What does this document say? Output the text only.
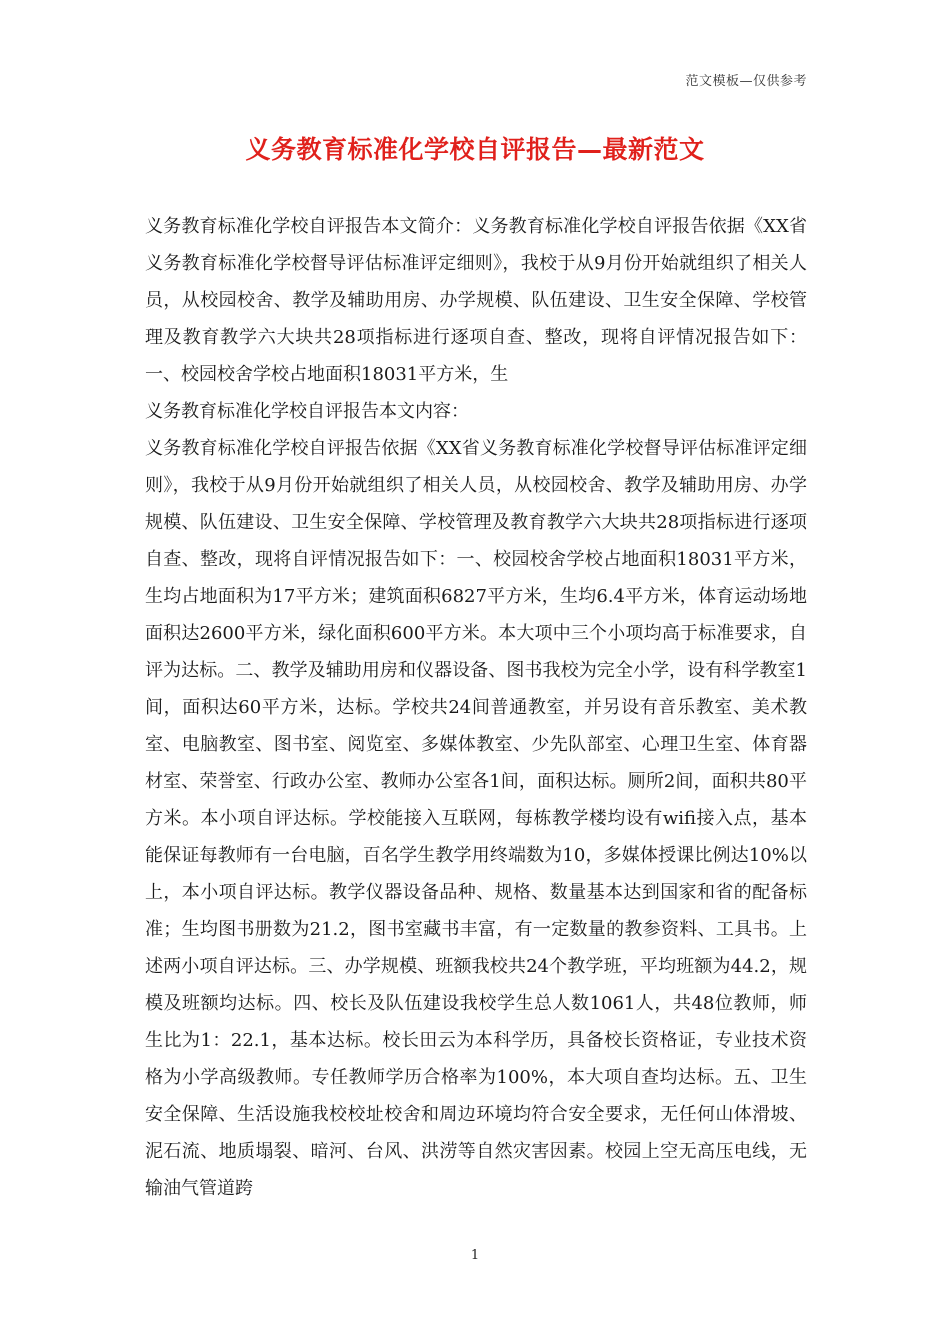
范文模板—仅供参考
义务教育标准化学校自评报告—最新范文

义务教育标准化学校自评报告本文简介：义务教育标准化学校自评报告依据《XX省义务教育标准化学校督导评估标准评定细则》，我校于从9月份开始就组织了相关人员，从校园校舍、教学及辅助用房、办学规模、队伍建设、卫生安全保障、学校管理及教育教学六大块共28项指标进行逐项自查、整改，现将自评情况报告如下：一、校园校舍学校占地面积18031平方米，生

义务教育标准化学校自评报告本文内容：

义务教育标准化学校自评报告依据《XX省义务教育标准化学校督导评估标准评定细则》，我校于从9月份开始就组织了相关人员，从校园校舍、教学及辅助用房、办学规模、队伍建设、卫生安全保障、学校管理及教育教学六大块共28项指标进行逐项自查、整改，现将自评情况报告如下：一、校园校舍学校占地面积18031平方米，生均占地面积为17平方米；建筑面积6827平方米，生均6.4平方米，体育运动场地面积达2600平方米，绿化面积600平方米。本大项中三个小项均高于标准要求，自评为达标。二、教学及辅助用房和仪器设备、图书我校为完全小学，设有科学教室1间，面积达60平方米，达标。学校共24间普通教室，并另设有音乐教室、美术教室、电脑教室、图书室、阅览室、多媒体教室、少先队部室、心理卫生室、体育器材室、荣誉室、行政办公室、教师办公室各1间，面积达标。厕所2间，面积共80平方米。本小项自评达标。学校能接入互联网，每栋教学楼均设有wifi接入点，基本能保证每教师有一台电脑，百名学生教学用终端数为10，多媒体授课比例达10%以上，本小项自评达标。教学仪器设备品种、规格、数量基本达到国家和省的配备标准；生均图书册数为21.2，图书室藏书丰富，有一定数量的教参资料、工具书。上述两小项自评达标。三、办学规模、班额我校共24个教学班，平均班额为44.2，规模及班额均达标。四、校长及队伍建设我校学生总人数1061人，共48位教师，师生比为1：22.1，基本达标。校长田云为本科学历，具备校长资格证，专业技术资格为小学高级教师。专任教师学历合格率为100%，本大项自查均达标。五、卫生安全保障、生活设施我校校址校舍和周边环境均符合安全要求，无任何山体滑坡、泥石流、地质塌裂、暗河、台风、洪涝等自然灾害因素。校园上空无高压电线，无输油气管道跨

1
